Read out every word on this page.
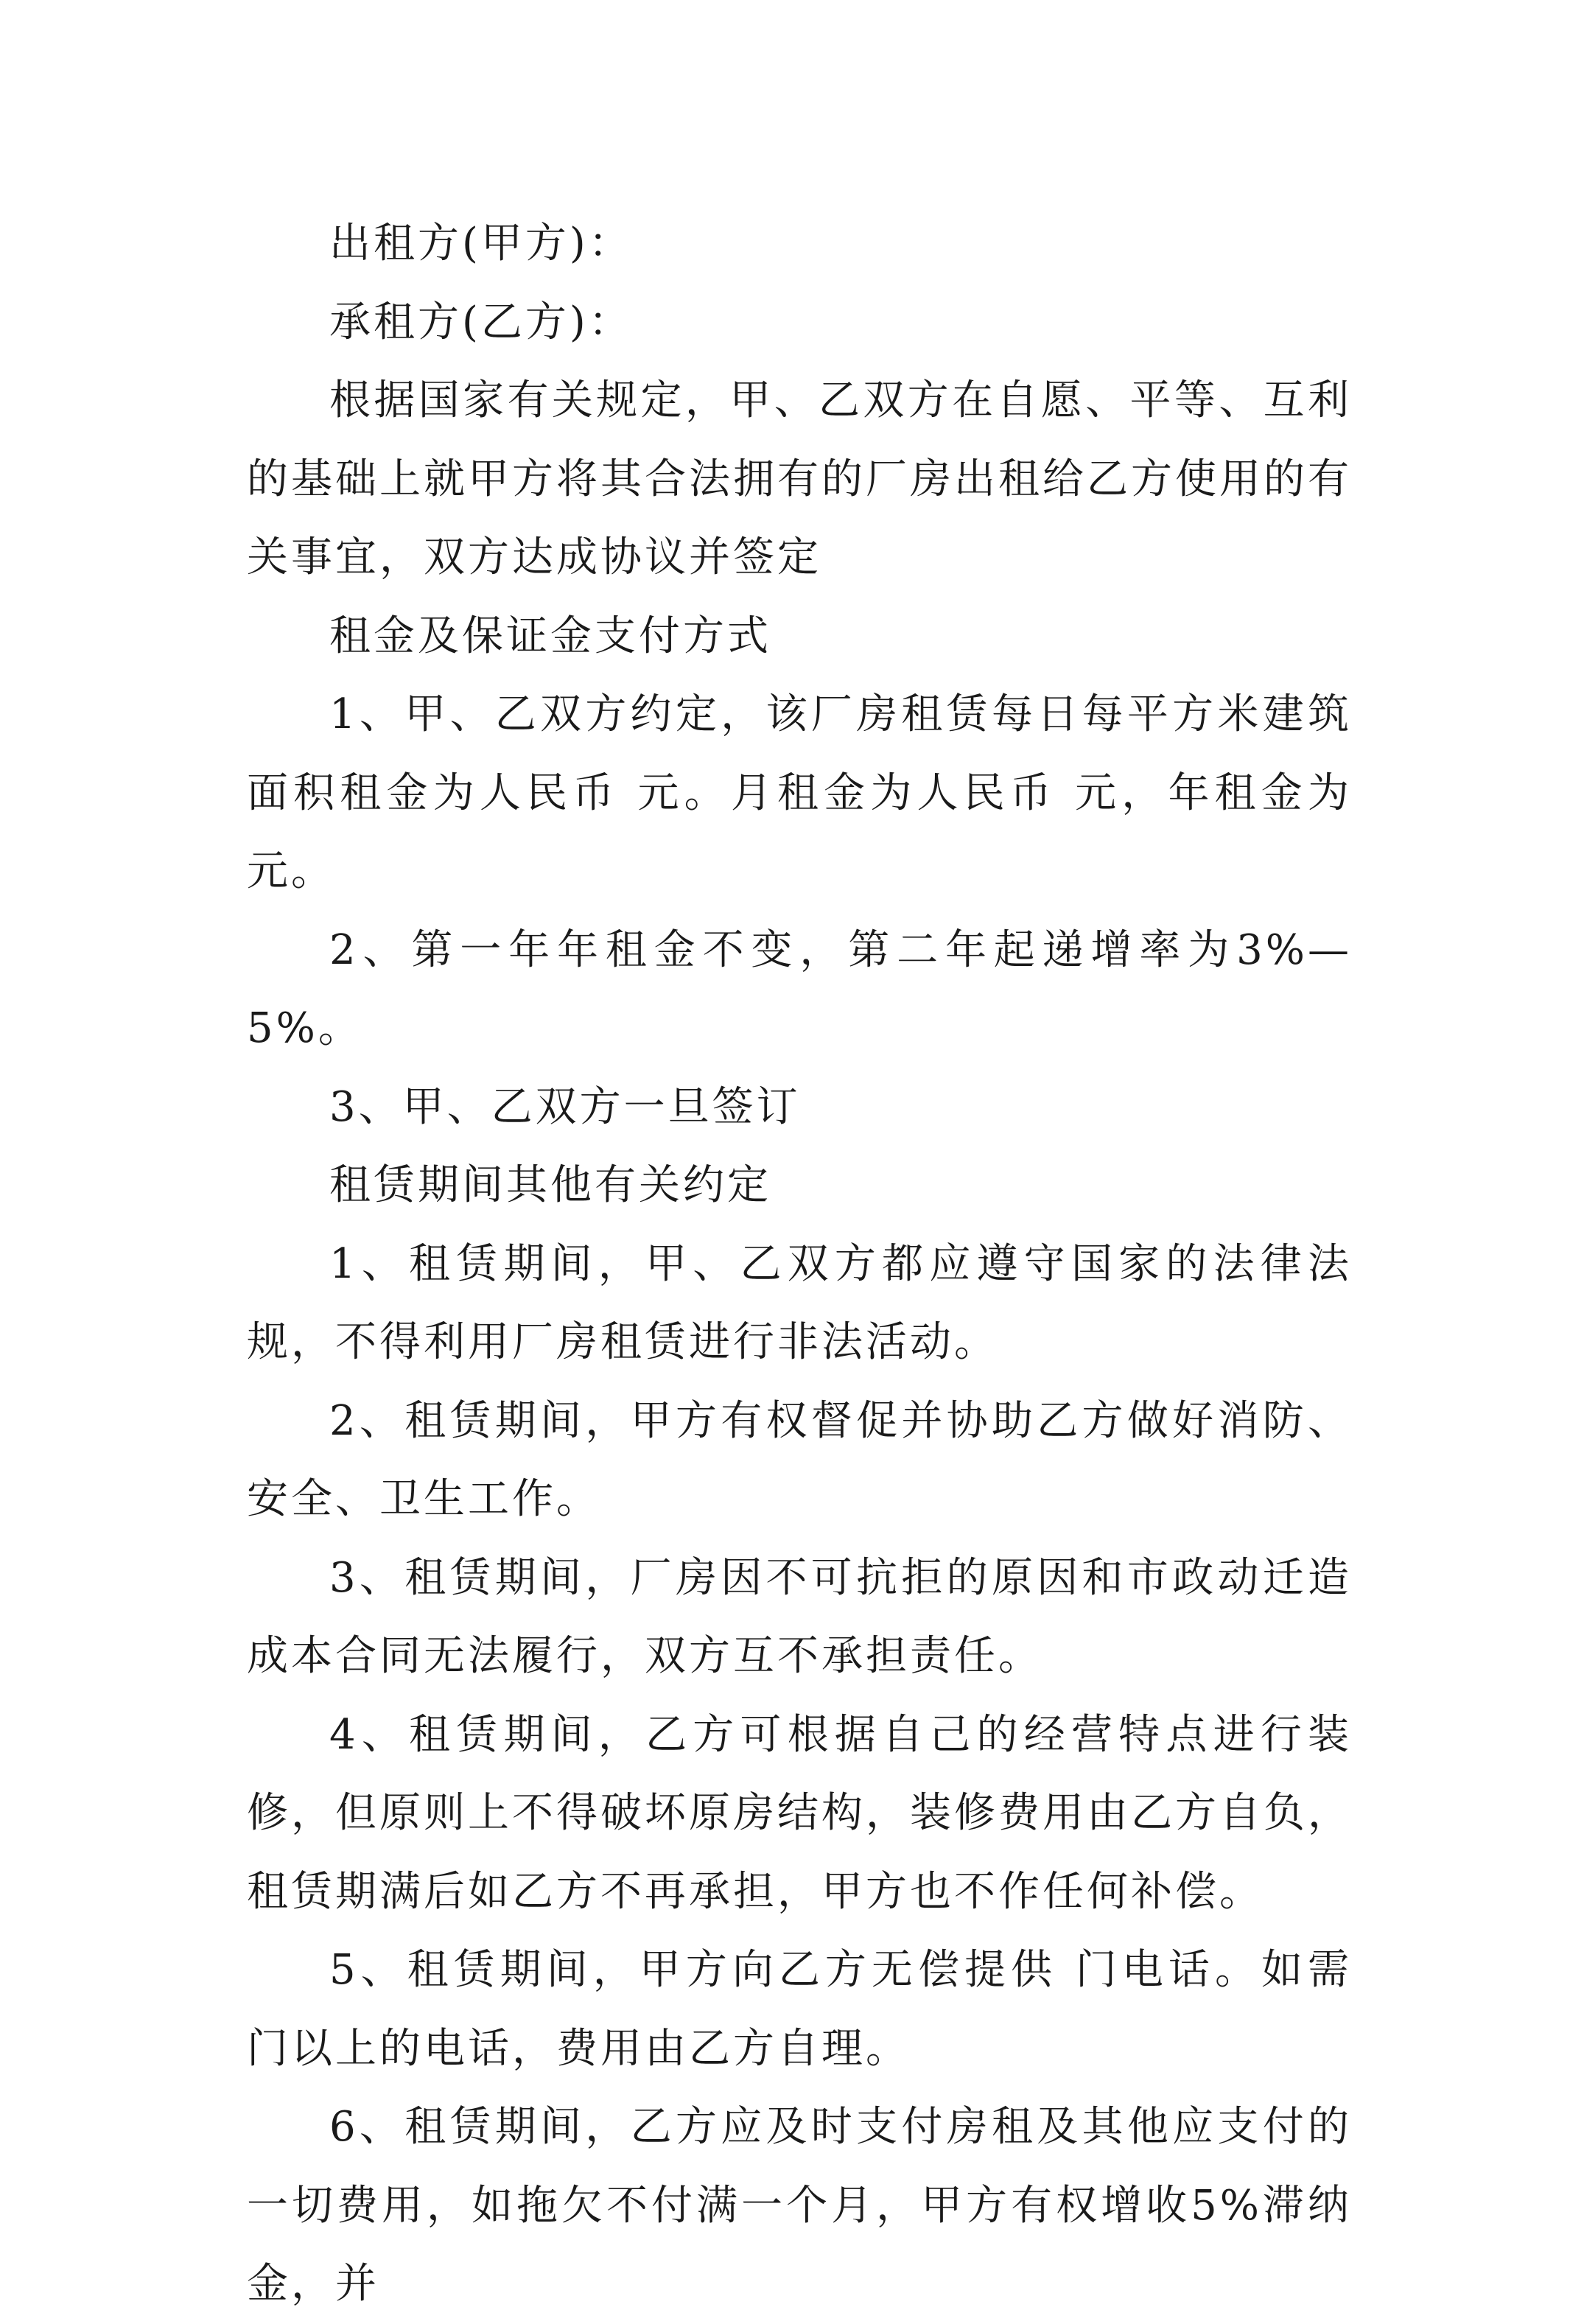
出租方(甲方)：

承租方(乙方)：

根据国家有关规定，甲、乙双方在自愿、平等、互利的基础上就甲方将其合法拥有的厂房出租给乙方使用的有关事宜，双方达成协议并签定

租金及保证金支付方式

1、甲、乙双方约定，该厂房租赁每日每平方米建筑面积租金为人民币 元。月租金为人民币 元，年租金为 元。

2、第一年年租金不变，第二年起递增率为3%—5%。

3、甲、乙双方一旦签订

租赁期间其他有关约定

1、租赁期间，甲、乙双方都应遵守国家的法律法规，不得利用厂房租赁进行非法活动。

2、租赁期间，甲方有权督促并协助乙方做好消防、安全、卫生工作。

3、租赁期间，厂房因不可抗拒的原因和市政动迁造成本合同无法履行，双方互不承担责任。

4、租赁期间，乙方可根据自己的经营特点进行装修，但原则上不得破坏原房结构，装修费用由乙方自负，租赁期满后如乙方不再承担，甲方也不作任何补偿。

5、租赁期间，甲方向乙方无偿提供 门电话。如需 门以上的电话，费用由乙方自理。

6、租赁期间，乙方应及时支付房租及其他应支付的一切费用，如拖欠不付满一个月，甲方有权增收5%滞纳金，并
